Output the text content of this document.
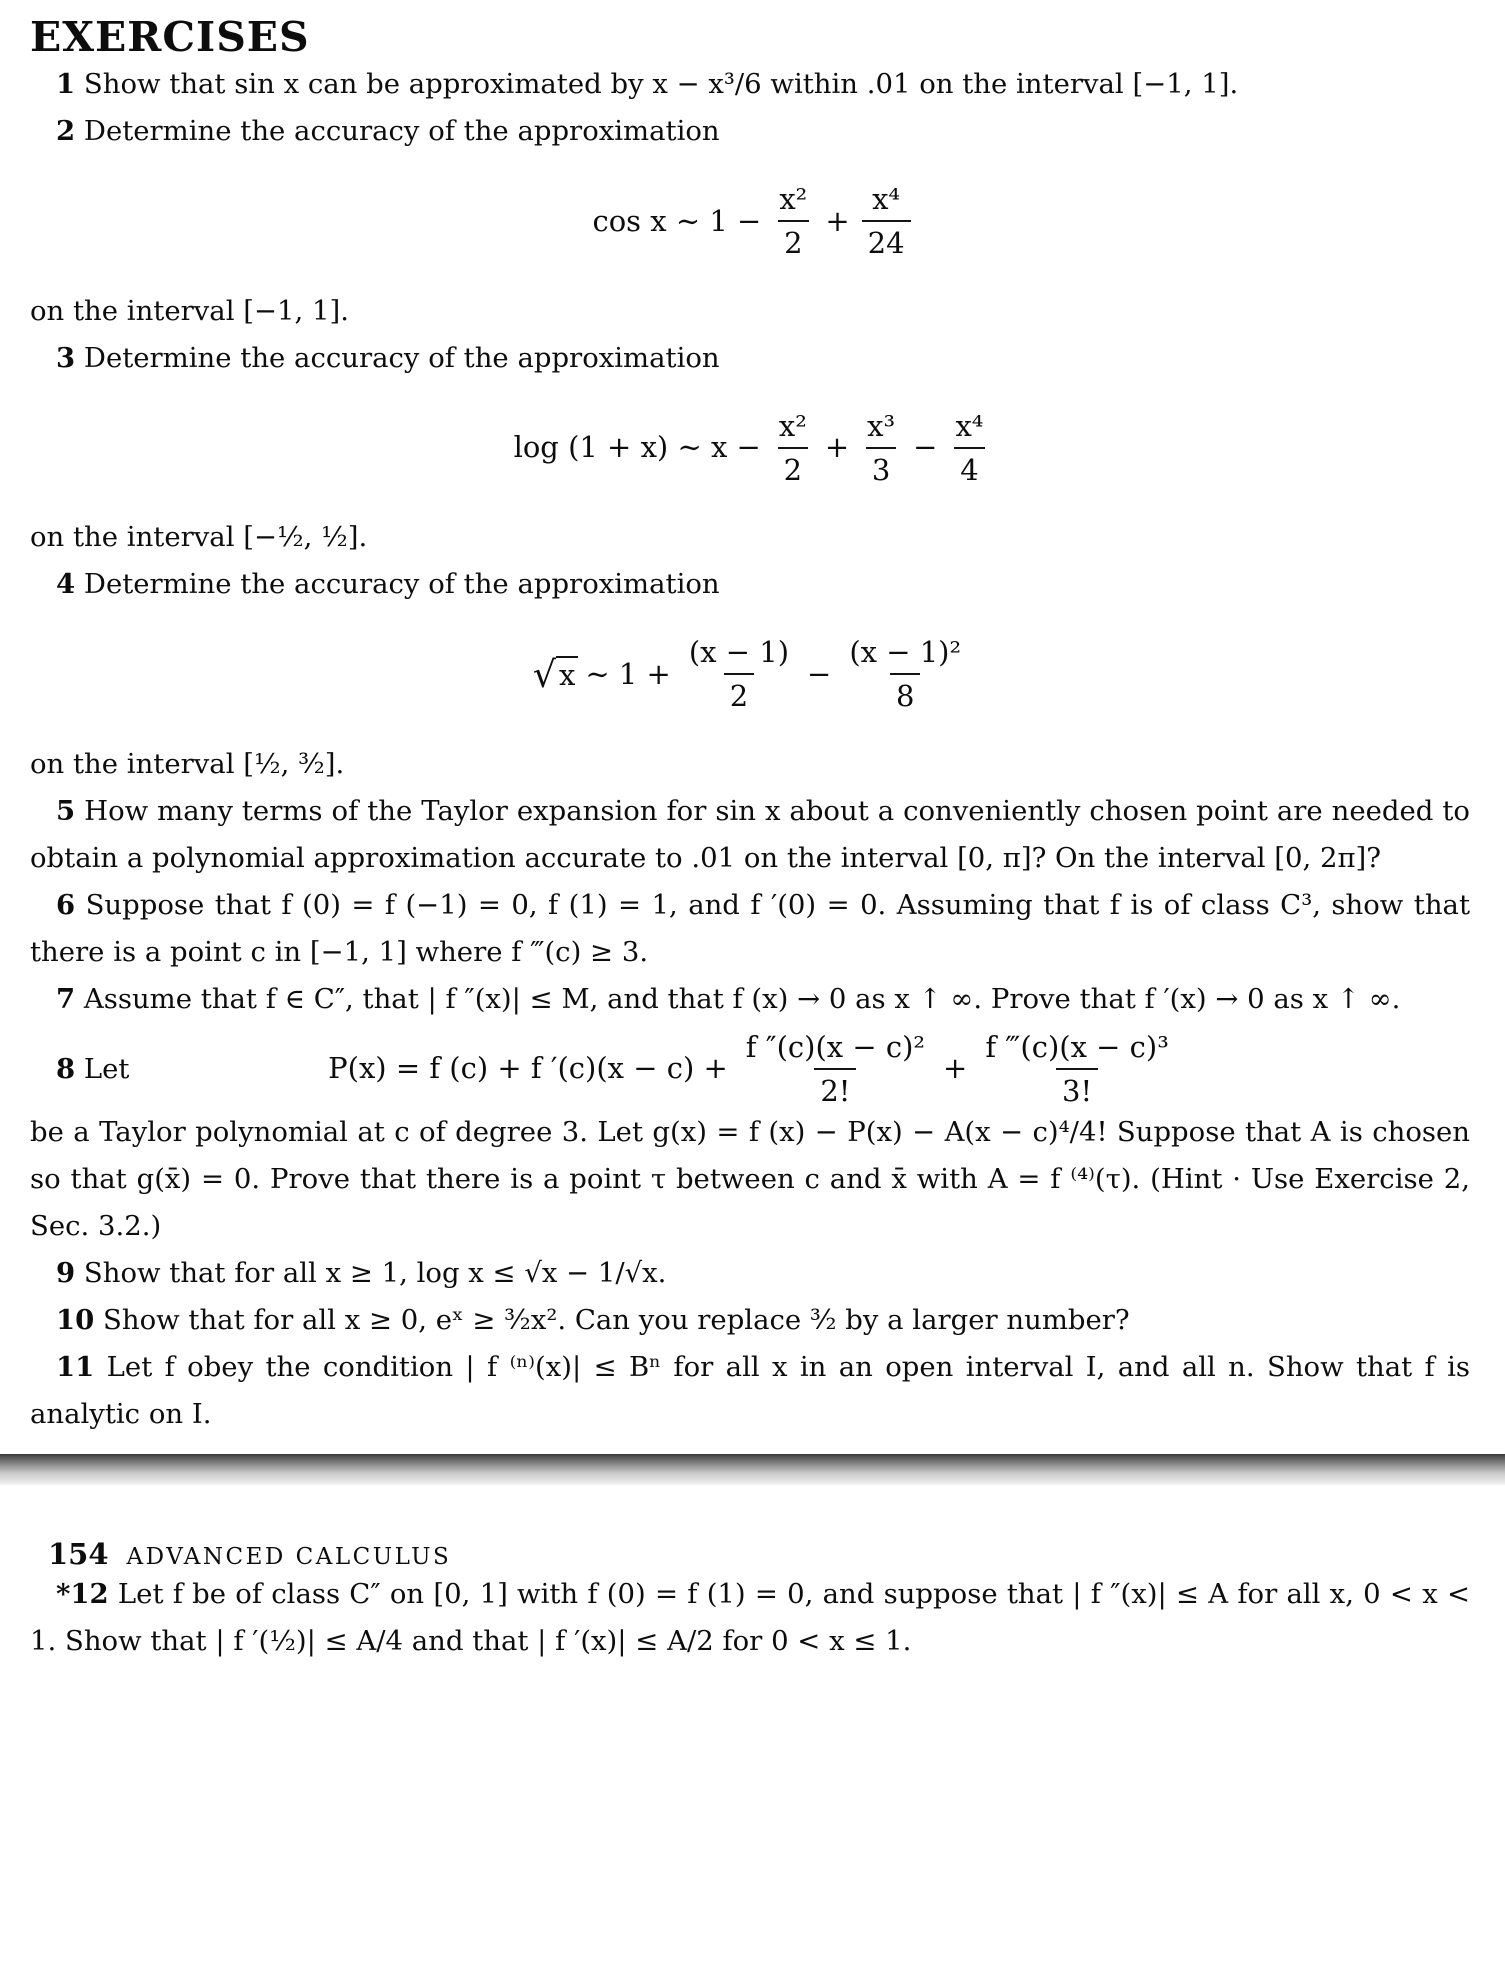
EXERCISES

1 Show that sin x can be approximated by x − x³/6 within .01 on the interval [−1, 1].

2 Determine the accuracy of the approximation

cos x ∼ $1 - \frac{\text{x²}}{2} + \frac{\text{x⁴}}{24}$

on the interval [−1, 1].

3 Determine the accuracy of the approximation

log (1 + x) ∼ $x - \frac{\text{x²}}{2} + \frac{\text{x³}}{3} - \frac{\text{x⁴}}{4}$

on the interval [−½, ½].

4 Determine the accuracy of the approximation

√ x ∼ $1 + \frac{(x - 1)}{2} - \frac{\text{(x − 1)²}}{8}$

on the interval [½, ³⁄₂].

5 How many terms of the Taylor expansion for sin x about a conveniently chosen point are needed to obtain a polynomial approximation accurate to .01 on the interval [0, π]? On the interval [0, 2π]?

6 Suppose that f (0) = f (−1) = 0, f (1) = 1, and f ′(0) = 0. Assuming that f is of class C³, show that there is a point c in [−1, 1] where f ‴(c) ≥ 3.

7 Assume that f ∈ C″, that | f ″(x)| ≤ M, and that f (x) → 0 as x ↑ ∞. Prove that f ′(x) → 0 as x ↑ ∞.

8 Let	P(x) = f (c) + f $'(c)(x - c) + \frac{\text{f ″(c)(x − c)²}}{2!} + \frac{\text{f ‴(c)(x − c)³}}{3!}$

be a Taylor polynomial at c of degree 3. Let g(x) = f (x) − P(x) − A(x − c)⁴/4! Suppose that A is chosen so that g(x̄) = 0. Prove that there is a point τ between c and x̄ with A = f ⁽⁴⁾(τ). (Hint · Use Exercise 2, Sec. 3.2.)

9 Show that for all x ≥ 1, log x ≤ √x − 1/√x.

10 Show that for all x ≥ 0, eˣ ≥ ³⁄₂x². Can you replace ³⁄₂ by a larger number?

11 Let f obey the condition | f ⁽ⁿ⁾(x)| ≤ Bⁿ for all x in an open interval I, and all n. Show that f is analytic on I.

154 ADVANCED CALCULUS

*12 Let f be of class C″ on [0, 1] with f (0) = f (1) = 0, and suppose that | f ″(x)| ≤ A for all x, 0 < x < 1. Show that | f ′(½)| ≤ A/4 and that | f ′(x)| ≤ A/2 for 0 < x ≤ 1.
